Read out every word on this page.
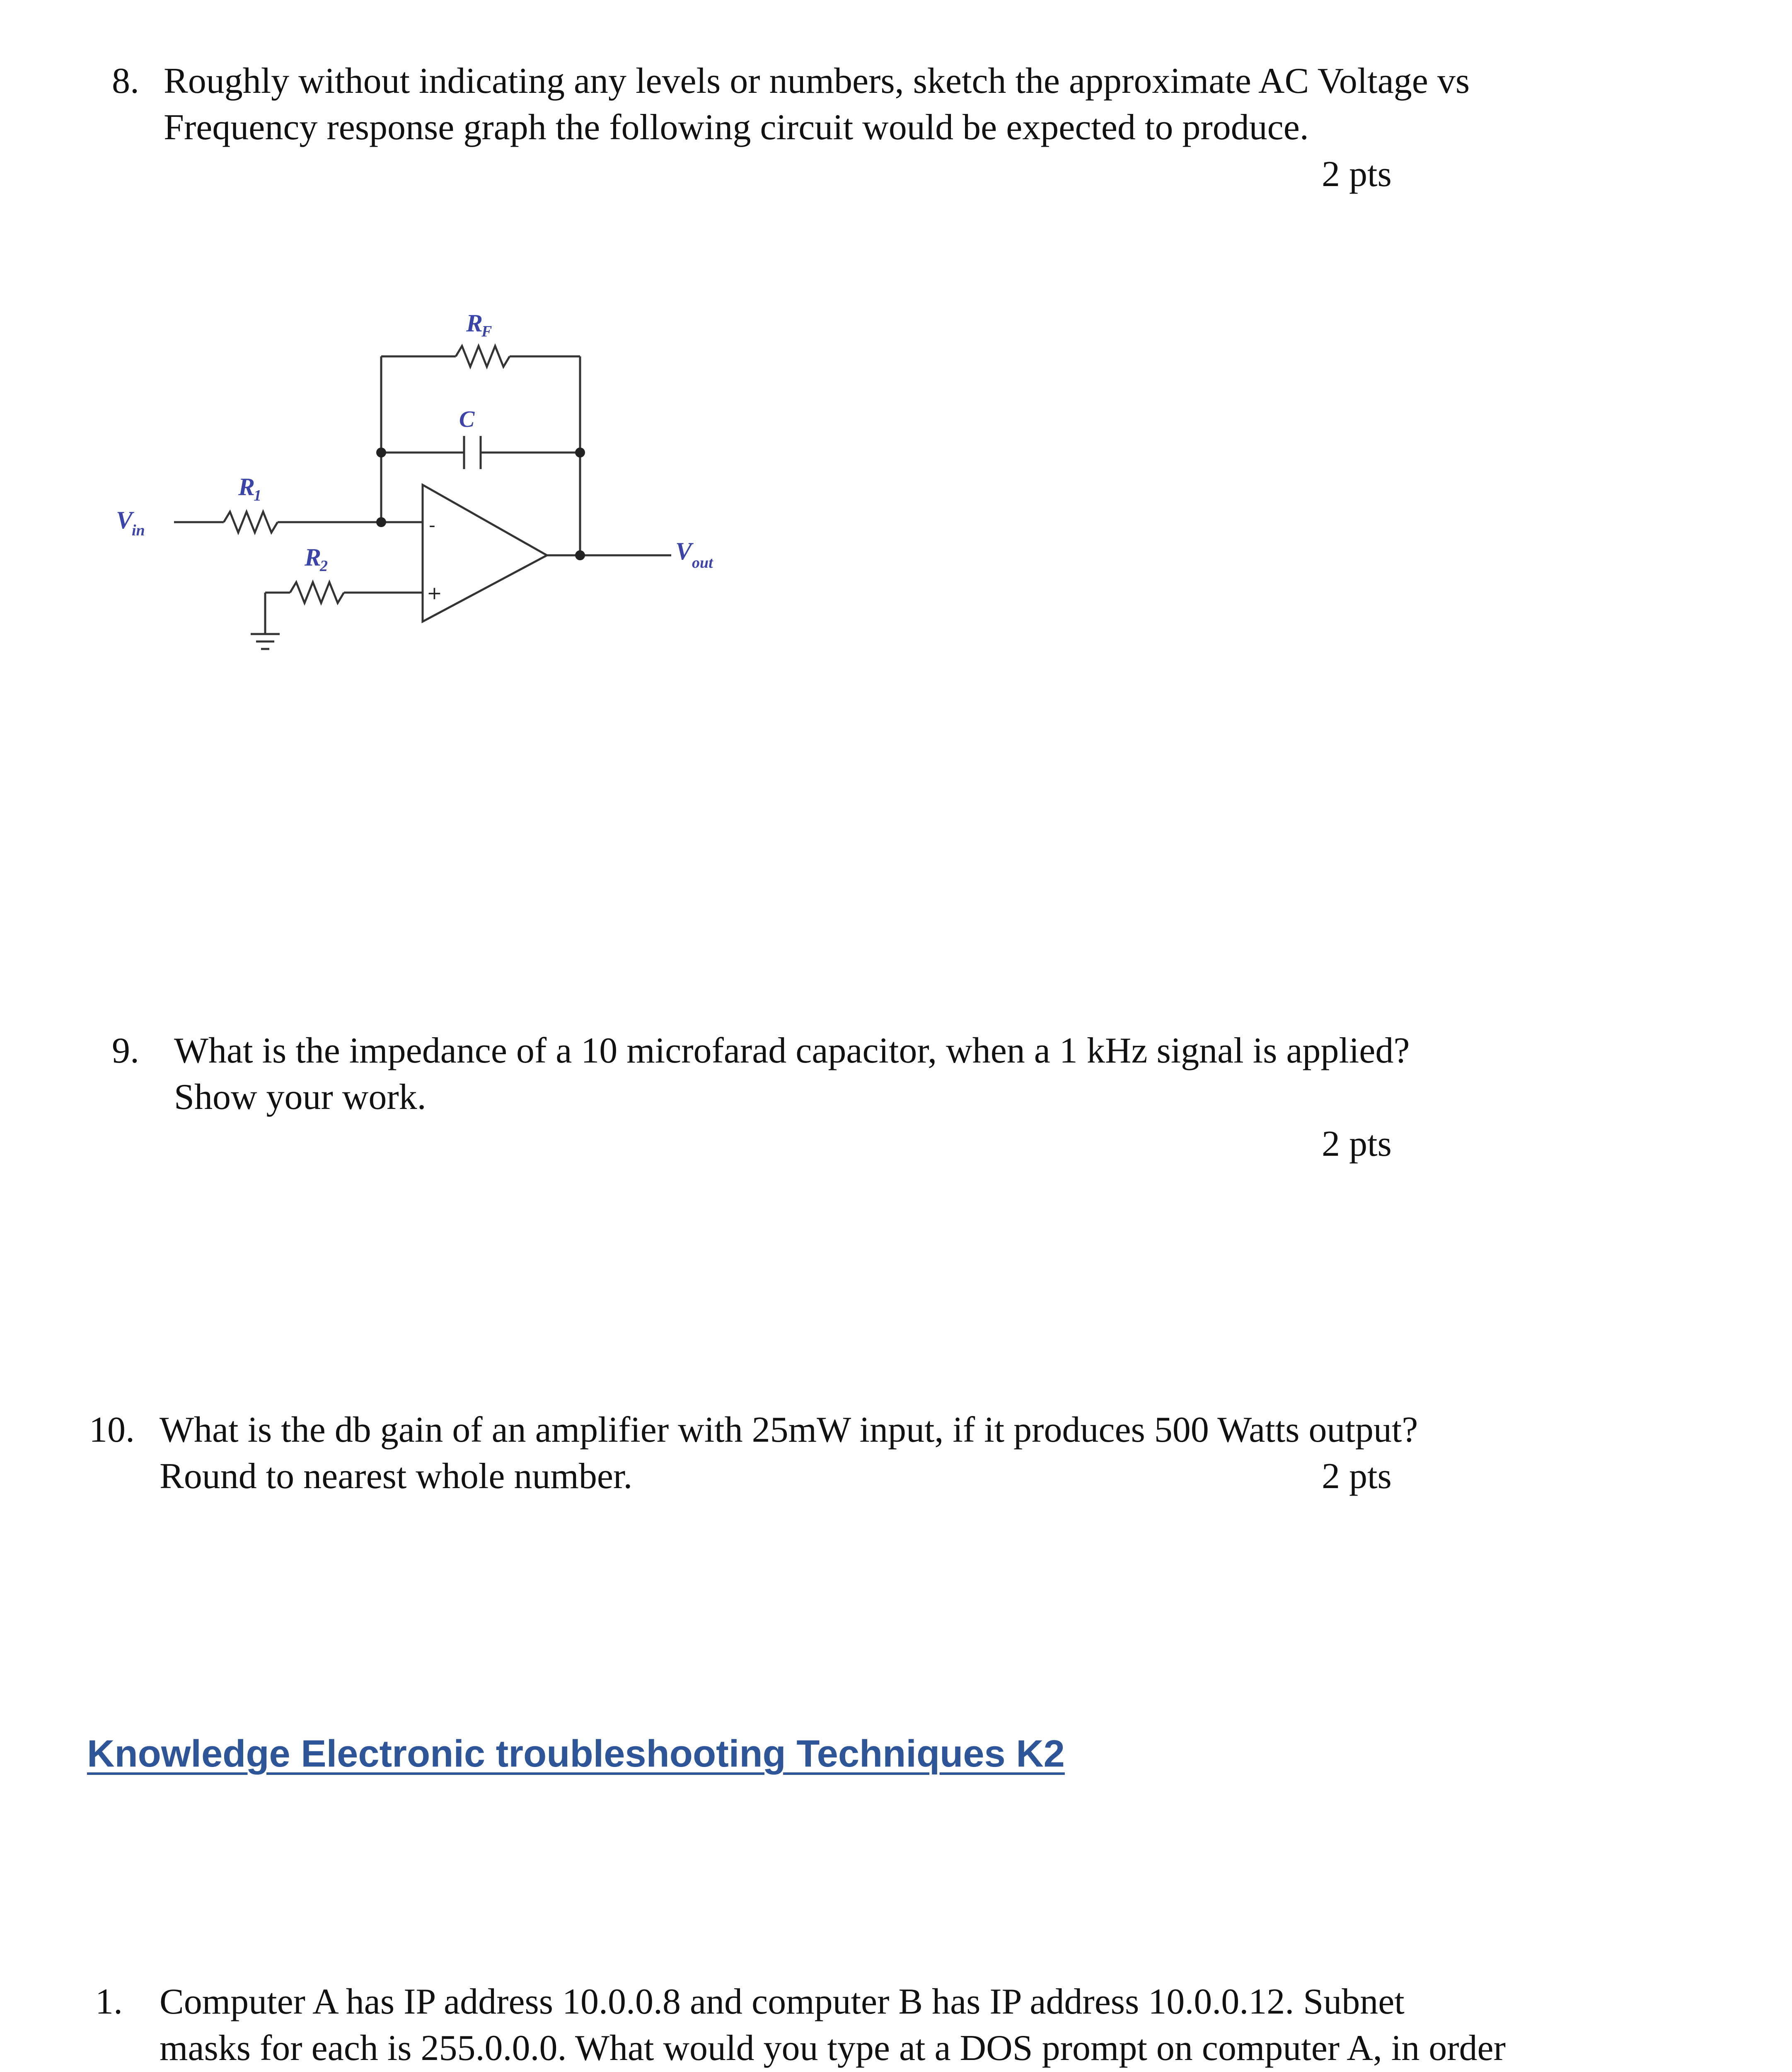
8. Roughly without indicating any levels or numbers, sketch the approximate AC Voltage vs
Frequency response graph the following circuit would be expected to produce.
2 pts
R
F
C
R
1
R
2
V
in
V out
-
+
9. What is the impedance of a 10 microfarad capacitor, when a 1 kHz signal is applied?
Show your work.
2 pts
10. What is the db gain of an amplifier with 25mW input, if it produces 500 Watts output?
Round to nearest whole number.	2 pts
Knowledge Electronic troubleshooting Techniques K2
1. Computer A has IP address 10.0.0.8 and computer B has IP address 10.0.0.12. Subnet
masks for each is 255.0.0.0. What would you type at a DOS prompt on computer A, in order
